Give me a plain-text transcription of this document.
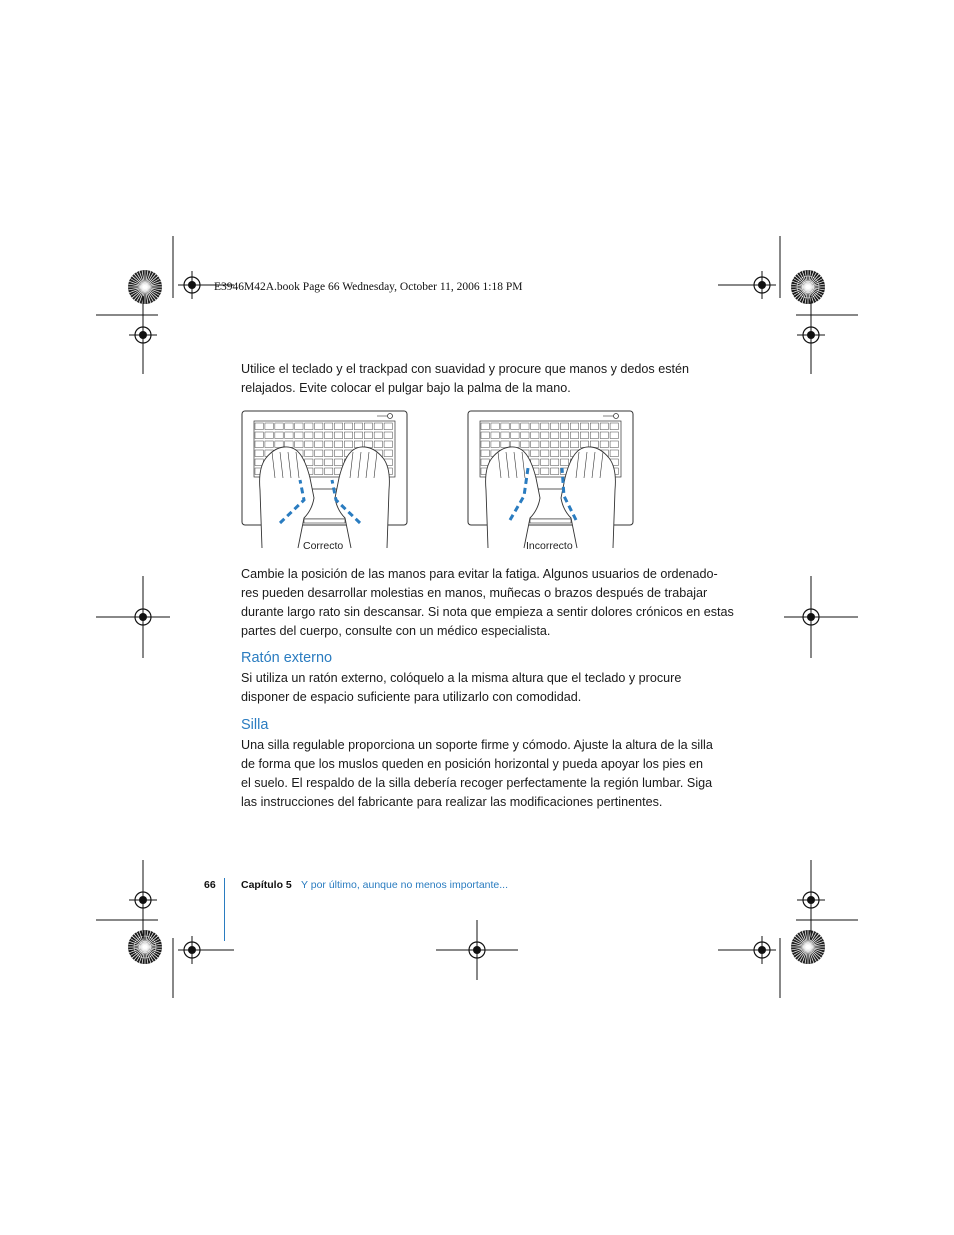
E3946M42A.book Page 66 Wednesday, October 11, 2006 1:18 PM
Utilice el teclado y el trackpad con suavidad y procure que manos y dedos estén
relajados. Evite colocar el pulgar bajo la palma de la mano.
Correcto	Incorrecto
Cambie la posición de las manos para evitar la fatiga. Algunos usuarios de ordenado-
res pueden desarrollar molestias en manos, muñecas o brazos después de trabajar
durante largo rato sin descansar. Si nota que empieza a sentir dolores crónicos en estas
partes del cuerpo, consulte con un médico especialista.
Ratón externo
Si utiliza un ratón externo, colóquelo a la misma altura que el teclado y procure
disponer de espacio suficiente para utilizarlo con comodidad.
Silla
Una silla regulable proporciona un soporte firme y cómodo. Ajuste la altura de la silla
de forma que los muslos queden en posición horizontal y pueda apoyar los pies en
el suelo. El respaldo de la silla debería recoger perfectamente la región lumbar. Siga
las instrucciones del fabricante para realizar las modificaciones pertinentes.
66 Capítulo 5 Y por último, aunque no menos importante...
